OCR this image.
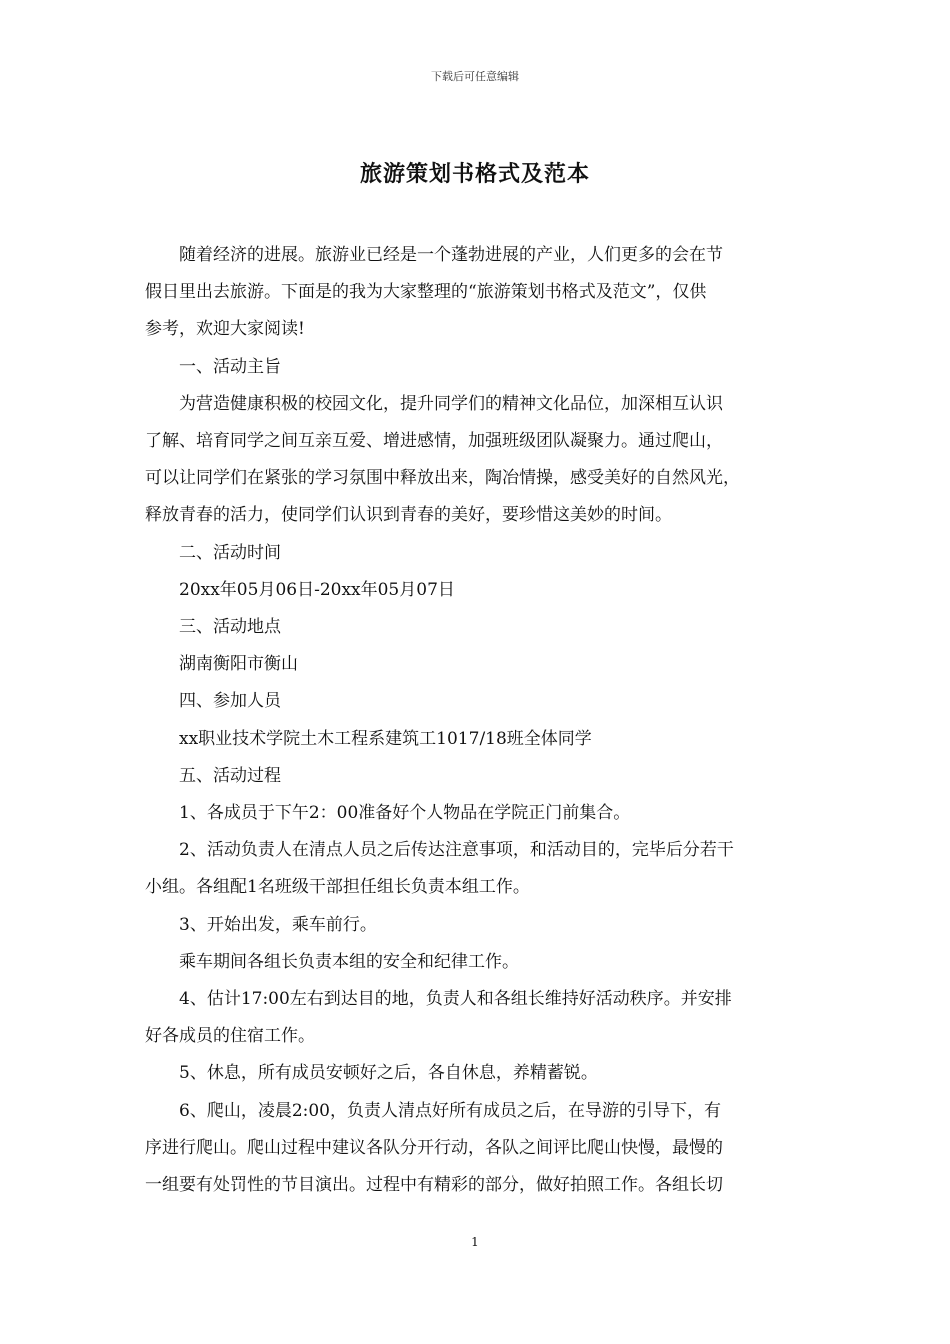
下载后可任意编辑
旅游策划书格式及范本
随着经济的进展。旅游业已经是一个蓬勃进展的产业，人们更多的会在节
假日里出去旅游。下面是的我为大家整理的“旅游策划书格式及范文”，仅供
参考，欢迎大家阅读!
一、活动主旨
为营造健康积极的校园文化，提升同学们的精神文化品位，加深相互认识
了解、培育同学之间互亲互爱、增进感情，加强班级团队凝聚力。通过爬山，
可以让同学们在紧张的学习氛围中释放出来，陶冶情操，感受美好的自然风光，
释放青春的活力，使同学们认识到青春的美好，要珍惜这美妙的时间。
二、活动时间
20xx年05月06日-20xx年05月07日
三、活动地点
湖南衡阳市衡山
四、参加人员
xx职业技术学院土木工程系建筑工1017/18班全体同学
五、活动过程
1、各成员于下午2：00准备好个人物品在学院正门前集合。
2、活动负责人在清点人员之后传达注意事项，和活动目的，完毕后分若干
小组。各组配1名班级干部担任组长负责本组工作。
3、开始出发，乘车前行。
乘车期间各组长负责本组的安全和纪律工作。
4、估计17:00左右到达目的地，负责人和各组长维持好活动秩序。并安排
好各成员的住宿工作。
5、休息，所有成员安顿好之后，各自休息，养精蓄锐。
6、爬山，凌晨2:00，负责人清点好所有成员之后，在导游的引导下，有
序进行爬山。爬山过程中建议各队分开行动，各队之间评比爬山快慢，最慢的
一组要有处罚性的节目演出。过程中有精彩的部分，做好拍照工作。各组长切
1
